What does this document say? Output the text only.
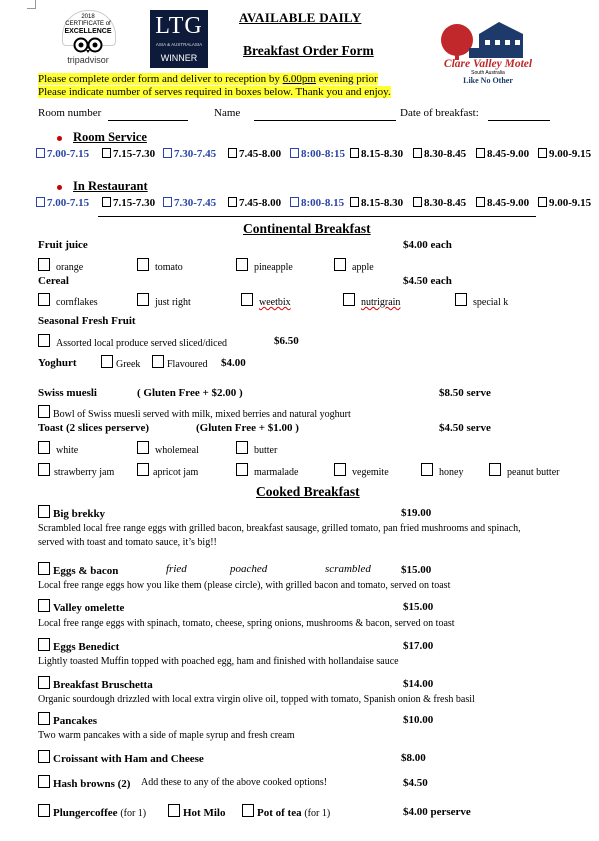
2018
CERTIFICATE of
EXCELLENCE
tripadvisor
LTG
ASIA & AUSTRALASIA
WINNER
AVAILABLE DAILY
Breakfast Order Form
Clare Valley Motel
South Australia
Like No Other
Please complete order form and deliver to reception by 6.00pm evening prior
Please indicate number of serves required in boxes below. Thank you and enjoy.
Room number	Name	Date of breakfast:
Room Service
7.00-7.15	7.15-7.30	7.30-7.45	7.45-8.00	8:00-8:15	8.15-8.30	8.30-8.45	8.45-9.00	9.00-9.15
In Restaurant
7.00-7.15	7.15-7.30	7.30-7.45	7.45-8.00	8:00-8.15	8.15-8.30	8.30-8.45	8.45-9.00	9.00-9.15
Continental Breakfast
Fruit juice	$4.00 each
orange	tomato	pineapple	apple
Cereal	$4.50 each
cornflakes	just right	weetbix	nutrigrain	special k
Seasonal Fresh Fruit
Assorted local produce served sliced/diced	$6.50
Yoghurt	Greek	Flavoured $4.00
Swiss muesli	( Gluten Free + $2.00 )	$8.50 serve
Bowl of Swiss muesli served with milk, mixed berries and natural yoghurt
Toast (2 slices perserve)	(Gluten Free + $1.00 )	$4.50 serve
white	wholemeal	butter
strawberry jam	apricot jam	marmalade	vegemite	honey	peanut butter
Cooked Breakfast
Big brekky	$19.00
Scrambled local free range eggs with grilled bacon, breakfast sausage, grilled tomato, pan fried mushrooms and spinach,
served with toast and tomato sauce, it’s big!!
Eggs & bacon	fried	poached	scrambled	$15.00
Local free range eggs how you like them (please circle), with grilled bacon and tomato, served on toast
Valley omelette	$15.00
Local free range eggs with spinach, tomato, cheese, spring onions, mushrooms & bacon, served on toast
Eggs Benedict	$17.00
Lightly toasted Muffin topped with poached egg, ham and finished with hollandaise sauce
Breakfast Bruschetta	$14.00
Organic sourdough drizzled with local extra virgin olive oil, topped with tomato, Spanish onion & fresh basil
Pancakes	$10.00
Two warm pancakes with a side of maple syrup and fresh cream
Croissant with Ham and Cheese	$8.00
Hash browns (2) Add these to any of the above cooked options!	$4.50
Plungercoffee (for 1)	Hot Milo	Pot of tea (for 1)	$4.00 perserve
